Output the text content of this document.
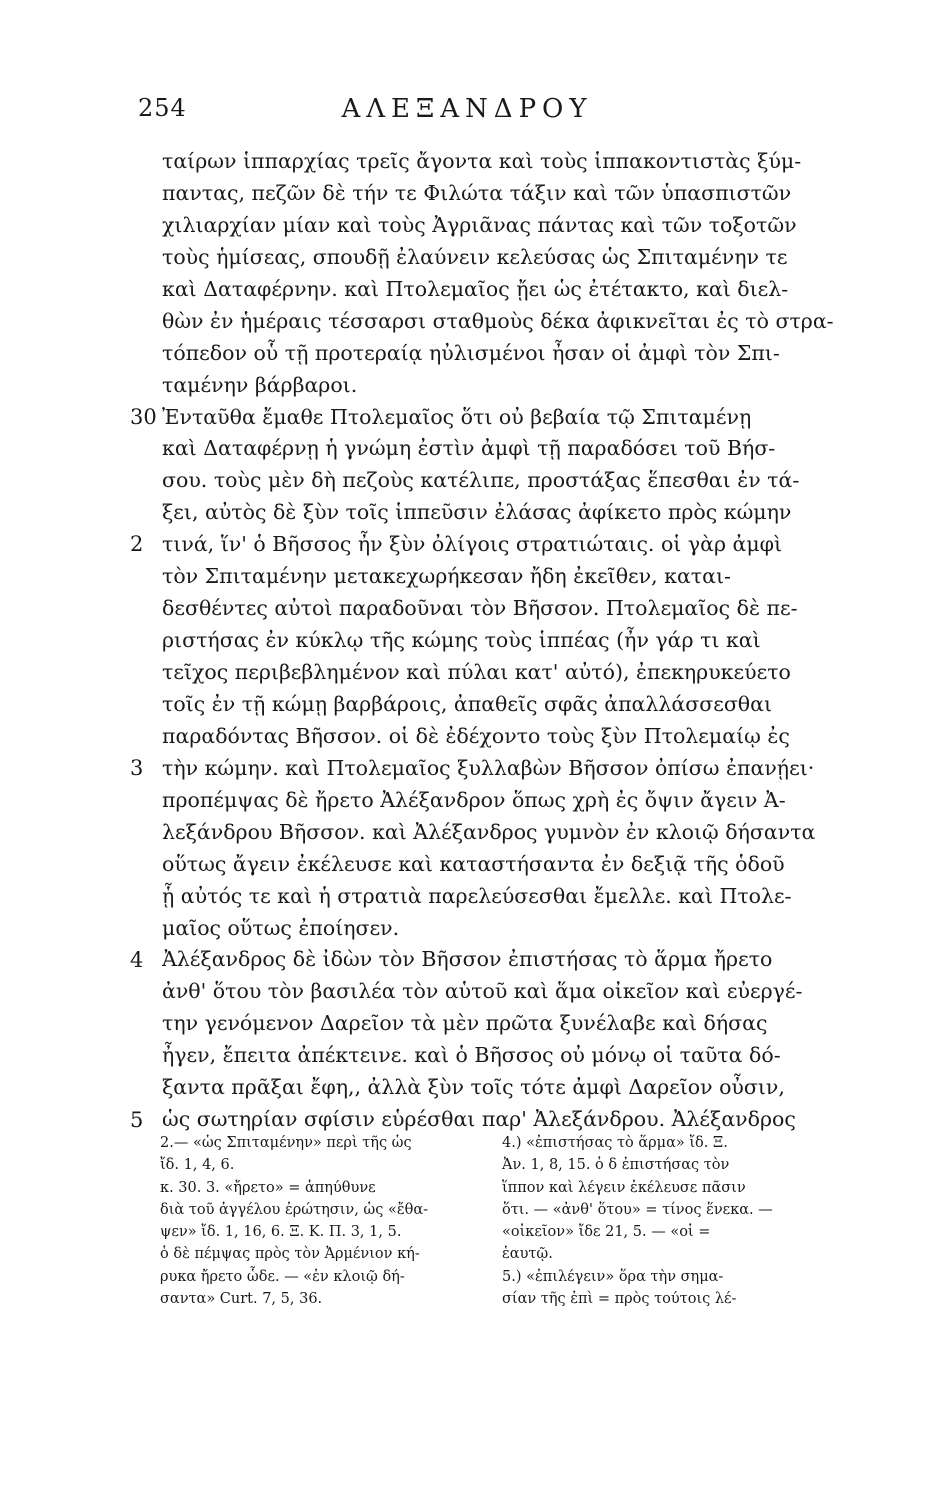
254	ΑΛΕΞΑΝΔΡΟΥ
ταίρων ἱππαρχίας τρεῖς ἄγοντα καὶ τοὺς ἱππακοντιστὰς ξύμ-
παντας, πεζῶν δὲ τήν τε Φιλώτα τάξιν καὶ τῶν ὑπασπιστῶν
χιλιαρχίαν μίαν καὶ τοὺς Ἀγριᾶνας πάντας καὶ τῶν τοξοτῶν
τοὺς ἡμίσεας, σπουδῇ ἐλαύνειν κελεύσας ὡς Σπιταμένην τε
καὶ Δαταφέρνην. καὶ Πτολεμαῖος ᾔει ὡς ἐτέτακτο, καὶ διελ-
θὼν ἐν ἡμέραις τέσσαρσι σταθμοὺς δέκα ἀφικνεῖται ἐς τὸ στρα-
τόπεδον οὗ τῇ προτεραίᾳ ηὐλισμένοι ἦσαν οἱ ἀμφὶ τὸν Σπι-
ταμένην βάρβαροι.
Ἐνταῦθα ἔμαθε Πτολεμαῖος ὅτι οὐ βεβαία τῷ Σπιταμένῃ
καὶ Δαταφέρνῃ ἡ γνώμη ἐστὶν ἀμφὶ τῇ παραδόσει τοῦ Βήσ-
σου. τοὺς μὲν δὴ πεζοὺς κατέλιπε, προστάξας ἕπεσθαι ἐν τά-
ξει, αὐτὸς δὲ ξὺν τοῖς ἱππεῦσιν ἐλάσας ἀφίκετο πρὸς κώμην
τινά, ἵν' ὁ Βῆσσος ἦν ξὺν ὀλίγοις στρατιώταις. οἱ γὰρ ἀμφὶ
τὸν Σπιταμένην μετακεχωρήκεσαν ἤδη ἐκεῖθεν, καται-
δεσθέντες αὐτοὶ παραδοῦναι τὸν Βῆσσον. Πτολεμαῖος δὲ πε-
ριστήσας ἐν κύκλῳ τῆς κώμης τοὺς ἱππέας (ἦν γάρ τι καὶ
τεῖχος περιβεβλημένον καὶ πύλαι κατ' αὐτό), ἐπεκηρυκεύετο
τοῖς ἐν τῇ κώμῃ βαρβάροις, ἀπαθεῖς σφᾶς ἀπαλλάσσεσθαι
παραδόντας Βῆσσον. οἱ δὲ ἐδέχοντο τοὺς ξὺν Πτολεμαίῳ ἐς
τὴν κώμην. καὶ Πτολεμαῖος ξυλλαβὼν Βῆσσον ὀπίσω ἐπανῄει·
προπέμψας δὲ ἤρετο Ἀλέξανδρον ὅπως χρὴ ἐς ὄψιν ἄγειν Ἀ-
λεξάνδρου Βῆσσον. καὶ Ἀλέξανδρος γυμνὸν ἐν κλοιῷ δήσαντα
οὕτως ἄγειν ἐκέλευσε καὶ καταστήσαντα ἐν δεξιᾷ τῆς ὁδοῦ
ᾗ αὐτός τε καὶ ἡ στρατιὰ παρελεύσεσθαι ἔμελλε. καὶ Πτολε-
μαῖος οὕτως ἐποίησεν.
Ἀλέξανδρος δὲ ἰδὼν τὸν Βῆσσον ἐπιστήσας τὸ ἅρμα ἤρετο
ἀνθ' ὅτου τὸν βασιλέα τὸν αὑτοῦ καὶ ἅμα οἰκεῖον καὶ εὐεργέ-
την γενόμενον Δαρεῖον τὰ μὲν πρῶτα ξυνέλαβε καὶ δήσας
ἦγεν, ἔπειτα ἀπέκτεινε. καὶ ὁ Βῆσσος οὐ μόνῳ οἱ ταῦτα δό-
ξαντα πρᾶξαι ἔφη,, ἀλλὰ ξὺν τοῖς τότε ἀμφὶ Δαρεῖον οὖσιν,
ὡς σωτηρίαν σφίσιν εὑρέσθαι παρ' Ἀλεξάνδρου. Ἀλέξανδρος
30
2
3
4
5
2.— «ὡς Σπιταμένην» περὶ τῆς ὡς
ἴδ. 1, 4, 6.
κ. 30. 3. «ἤρετο» = ἀπηύθυνε
διὰ τοῦ ἀγγέλου ἐρώτησιν, ὡς «ἔθα-
ψεν» ἴδ. 1, 16, 6. Ξ. Κ. Π. 3, 1, 5.
ὁ δὲ πέμψας πρὸς τὸν Ἀρμένιον κή-
ρυκα ἤρετο ὧδε. — «ἐν κλοιῷ δή-
σαντα» Curt. 7, 5, 36.
4.) «ἐπιστήσας τὸ ἅρμα» ἴδ. Ξ.
Ἀν. 1, 8, 15. ὁ δ ἐπιστήσας τὸν
ἵππον καὶ λέγειν ἐκέλευσε πᾶσιν
ὅτι. — «ἀνθ' ὅτου» = τίνος ἕνεκα. —
«οἰκεῖον» ἴδε 21, 5. — «οἱ =
ἑαυτῷ.
5.) «ἐπιλέγειν» ὅρα τὴν σημα-
σίαν τῆς ἐπὶ = πρὸς τούτοις λέ-
